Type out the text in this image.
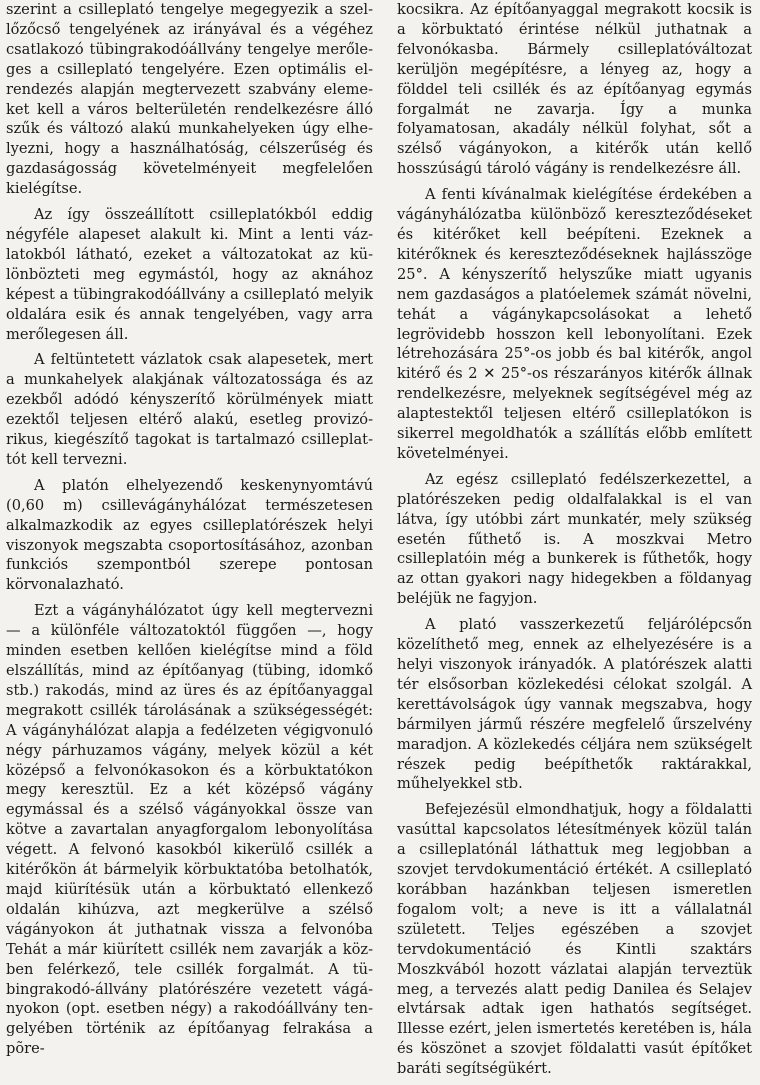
szerint a csilleplató tengelye megegyezik a szellőzőcső tengelyének az irányával és a végéhez csatlakozó tübingrakodóállvány tengelye merőleges a csilleplató tengelyére. Ezen optimális elrendezés alapján megtervezett szabvány elemeket kell a város belterületén rendelkezésre álló szűk és változó alakú munkahelyeken úgy elhelyezni, hogy a használhatóság, célszerűség és gazdaságosság követelményeit megfelelően kielégítse.

Az így összeállított csilleplatókból eddig négyféle alapeset alakult ki. Mint a lenti vázlatokból látható, ezeket a változatokat az különbözteti meg egymástól, hogy az aknához képest a tübingrakodóállvány a csilleplató melyik oldalára esik és annak tengelyében, vagy arra merőlegesen áll.

A feltüntetett vázlatok csak alapesetek, mert a munkahelyek alakjának változatossága és az ezekből adódó kényszerítő körülmények miatt ezektől teljesen eltérő alakú, esetleg provizórikus, kiegészítő tagokat is tartalmazó csilleplattót kell tervezni.

A platón elhelyezendő keskenynyomtávú (0,60 m) csillevágányhálózat természetesen alkalmazkodik az egyes csilleplatórészek helyi viszonyok megszabta csoportosításához, azonban funkciós szempontból szerepe pontosan körvonalazható.

Ezt a vágányhálózatot úgy kell megtervezni — a különféle változatoktól függően —, hogy minden esetben kellően kielégítse mind a föld elszállítás, mind az építőanyag (tübing, idomkő stb.) rakodás, mind az üres és az építőanyaggal megrakott csillék tárolásának a szükségességét: A vágányhálózat alapja a fedélzeten végigvonuló négy párhuzamos vágány, melyek közül a két középső a felvonókasokon és a körbuktatókon megy keresztül. Ez a két középső vágány egymással és a szélső vágányokkal össze van kötve a zavartalan anyagforgalom lebonyolítása végett. A felvonó kasokból kikerülő csillék a kitérőkön át bármelyik körbuktatóba betolhatók, majd kiürítésük után a körbuktató ellenkező oldalán kihúzva, azt megkerülve a szélső vágányokon át juthatnak vissza a felvonóba Tehát a már kiürített csillék nem zavarják a közben felérkező, tele csillék forgalmát. A tübingrakodó-állvány platórészére vezetett vágányokon (opt. esetben négy) a rakodóállvány tengelyében történik az építőanyag felrakása a põre-

kocsikra. Az építőanyaggal megrakott kocsik is a körbuktató érintése nélkül juthatnak a felvonókasba. Bármely csilleplatóváltozat kerüljön megépítésre, a lényeg az, hogy a földdel teli csillék és az építőanyag egymás forgalmát ne zavarja. Így a munka folyamatosan, akadály nélkül folyhat, sőt a szélső vágányokon, a kitérők után kellő hosszúságú tároló vágány is rendelkezésre áll.

A fenti kívánalmak kielégítése érdekében a vágányhálózatba különböző kereszteződéseket és kitérőket kell beépíteni. Ezeknek a kitérőknek és kereszteződéseknek hajlásszöge 25°. A kényszerítő helyszűke miatt ugyanis nem gazdaságos a platóelemek számát növelni, tehát a vágánykapcsolásokat a lehető legrövidebb hosszon kell lebonyolítani. Ezek létrehozására 25°-os jobb és bal kitérők, angol kitérő és 2 ✕ 25°-os részarányos kitérők állnak rendelkezésre, melyeknek segítségével még az alaptestektől teljesen eltérő csilleplatókon is sikerrel megoldhatók a szállítás előbb említett követelményei.

Az egész csilleplató fedélszerkezettel, a platórészeken pedig oldalfalakkal is el van látva, így utóbbi zárt munkatér, mely szükség esetén fűthető is. A moszkvai Metro csilleplatóin még a bunkerek is fűthetők, hogy az ottan gyakori nagy hidegekben a földanyag beléjük ne fagyjon.

A plató vasszerkezetű feljárólépcsőn közelíthető meg, ennek az elhelyezésére is a helyi viszonyok irányadók. A platórészek alatti tér elsősorban közlekedési célokat szolgál. A kerettávolságok úgy vannak megszabva, hogy bármilyen jármű részére megfelelő űrszelvény maradjon. A közlekedés céljára nem szükségelt részek pedig beépíthetők raktárakkal, műhelyekkel stb.

Befejezésül elmondhatjuk, hogy a földalatti vasúttal kapcsolatos létesítmények közül talán a csilleplatónál láthattuk meg legjobban a szovjet tervdokumentáció értékét. A csilleplató korábban hazánkban teljesen ismeretlen fogalom volt; a neve is itt a vállalatnál született. Teljes egészében a szovjet tervdokumentáció és Kintli szaktárs Moszkvából hozott vázlatai alapján terveztük meg, a tervezés alatt pedig Danilea és Selajev elvtársak adtak igen hathatós segítséget. Illesse ezért, jelen ismertetés keretében is, hála és köszönet a szovjet földalatti vasút építőket baráti segítségükért.
